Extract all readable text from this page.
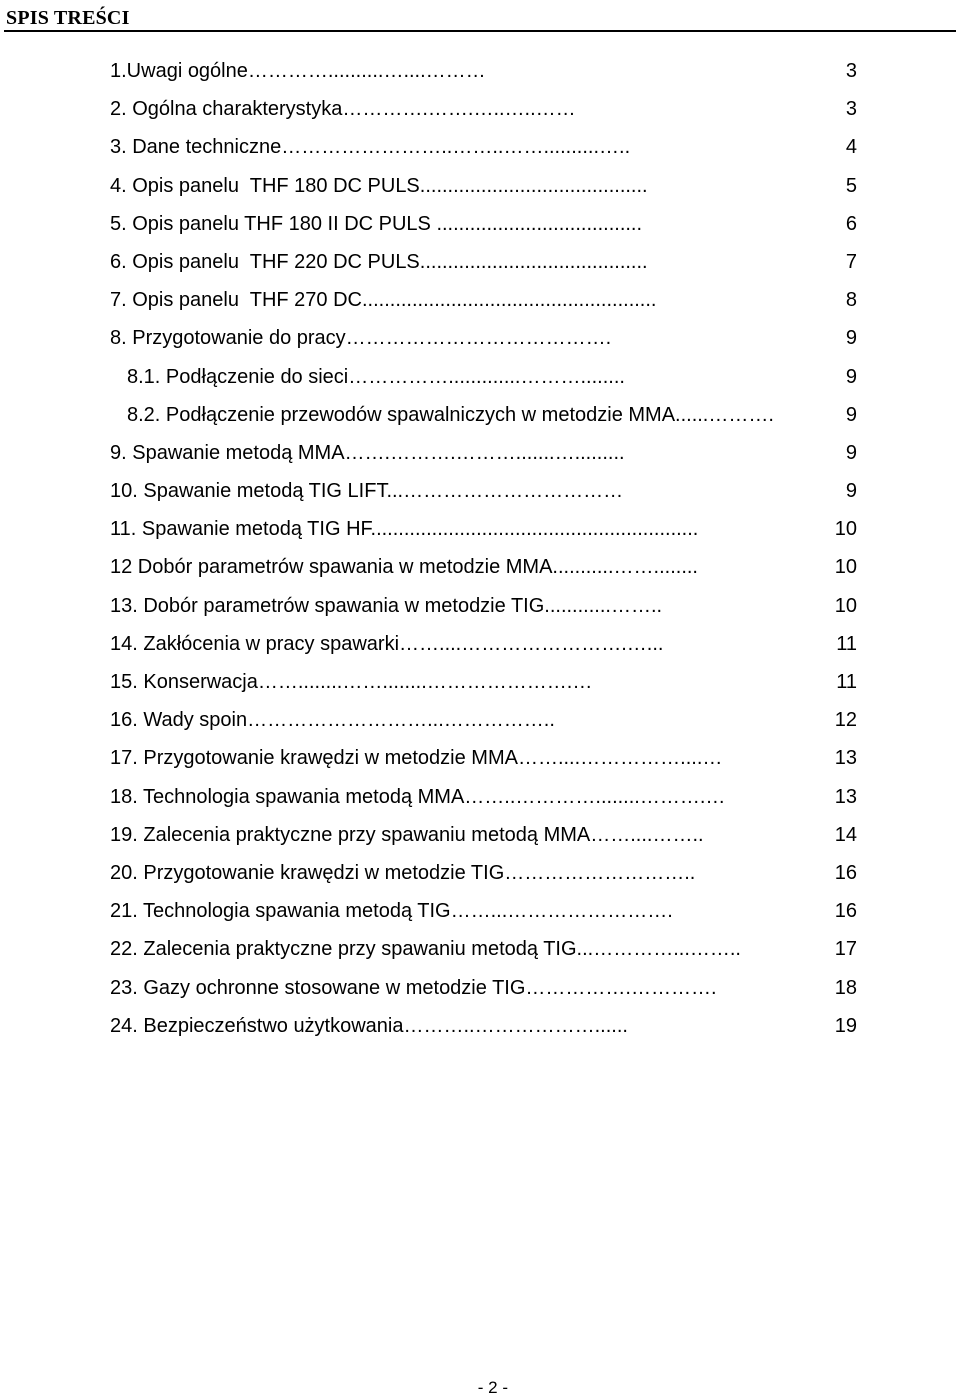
SPIS TREŚCI
1.Uwagi ogólne…………..........…....………	3
2. Ogólna charakterystyka………….…….…..…..……	3
3. Dane techniczne……………………..……..……..........…..	4
4. Opis panelu  THF 180 DC PULS.........................................	5
5. Opis panelu THF 180 II DC PULS .....................................	6
6. Opis panelu  THF 220 DC PULS.........................................	7
7. Opis panelu  THF 270 DC.....................................................	8
8. Przygotowanie do pracy………………………………….	9
8.1. Podłączenie do sieci…………….............………........	9
8.2. Podłączenie przewodów spawalniczych w metodzie MMA......……….	9
9. Spawanie metodą MMA…….……….……….......….........	9
10. Spawanie metodą TIG LIFT...……………………………	9
11. Spawanie metodą TIG HF...........................................................	10
12 Dobór parametrów spawania w metodzie MMA...........……........	10
13. Dobór parametrów spawania w metodzie TIG............……..	10
14. Zakłócenia w pracy spawarki……....…………………….…...	11
15. Konserwacja……........……........………………….…	11
16. Wady spoin………………………...……………..	12
17. Przygotowanie krawędzi w metodzie MMA……....……………....…	13
18. Technologia spawania metodą MMA……..…………........……….…	13
19. Zalecenia praktyczne przy spawaniu metodą MMA……....……..	14
20. Przygotowanie krawędzi w metodzie TIG………………………..	16
21. Technologia spawania metodą TIG……...…………………….	16
22. Zalecenia praktyczne przy spawaniu metodą TIG...…………...……..	17
23. Gazy ochronne stosowane w metodzie TIG…………….………….	18
24. Bezpieczeństwo użytkowania………..………………......	19
- 2 -
